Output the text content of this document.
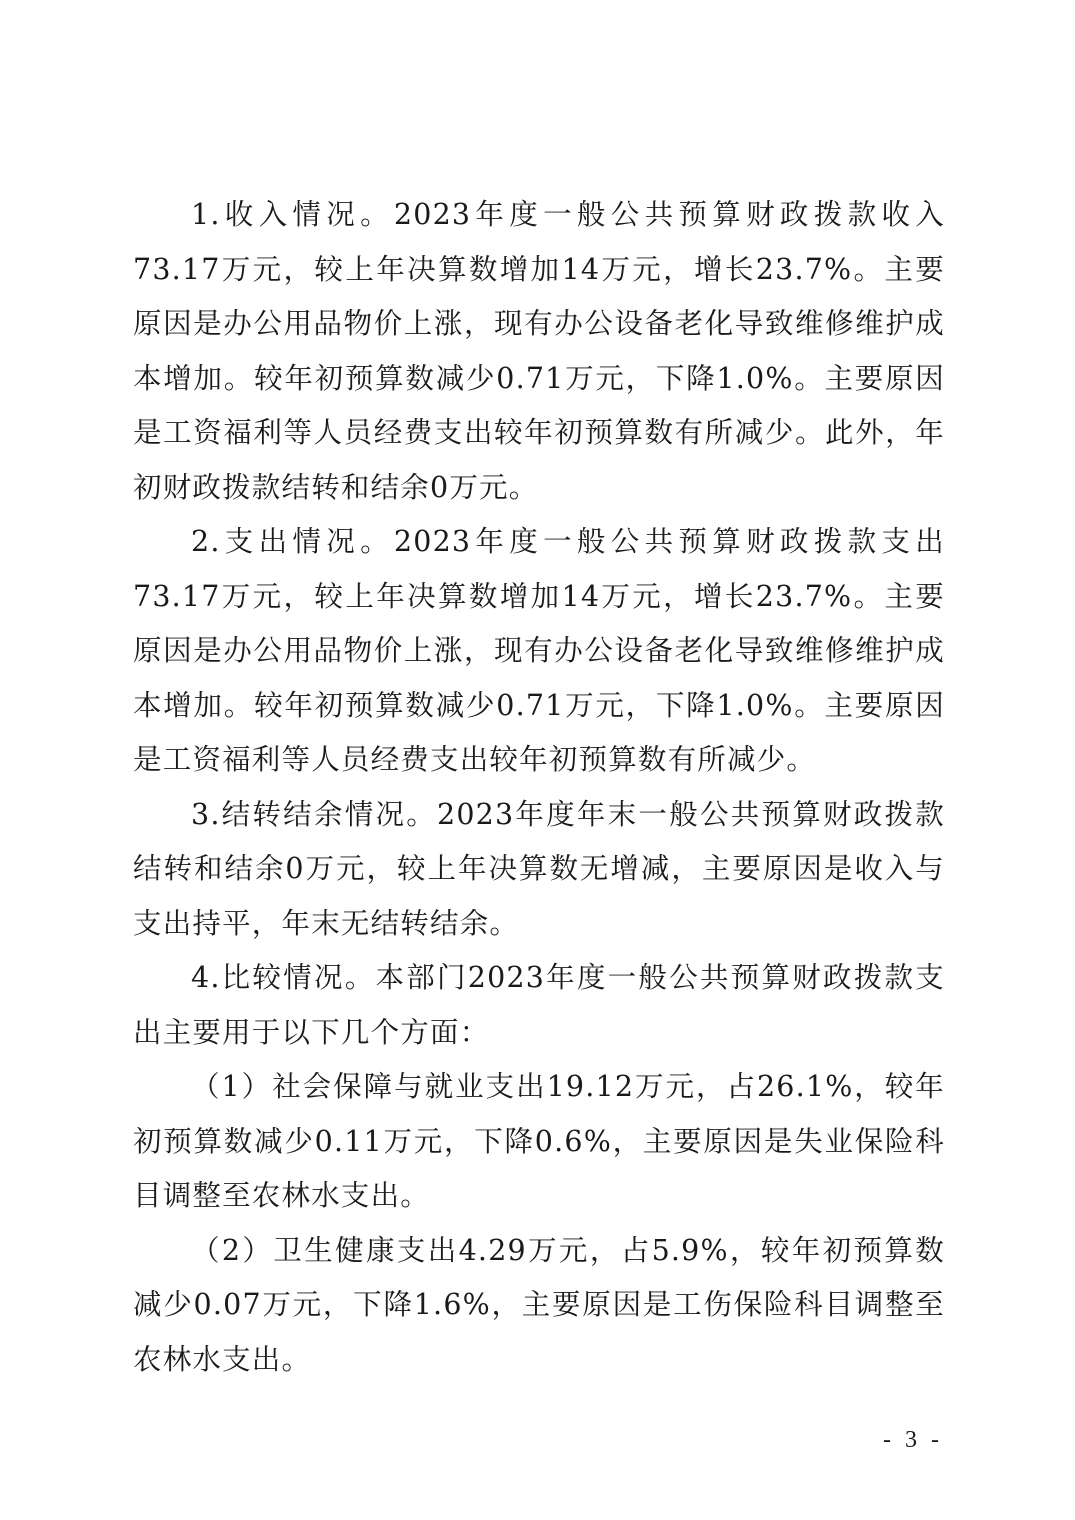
1.收入情况。2023年度一般公共预算财政拨款收入73.17万元，较上年决算数增加14万元，增长23.7%。主要原因是办公用品物价上涨，现有办公设备老化导致维修维护成本增加。较年初预算数减少0.71万元，下降1.0%。主要原因是工资福利等人员经费支出较年初预算数有所减少。此外，年初财政拨款结转和结余0万元。

2.支出情况。2023年度一般公共预算财政拨款支出73.17万元，较上年决算数增加14万元，增长23.7%。主要原因是办公用品物价上涨，现有办公设备老化导致维修维护成本增加。较年初预算数减少0.71万元，下降1.0%。主要原因是工资福利等人员经费支出较年初预算数有所减少。

3.结转结余情况。2023年度年末一般公共预算财政拨款结转和结余0万元，较上年决算数无增减，主要原因是收入与支出持平，年末无结转结余。

4.比较情况。本部门2023年度一般公共预算财政拨款支出主要用于以下几个方面：

（1）社会保障与就业支出19.12万元，占26.1%，较年初预算数减少0.11万元，下降0.6%，主要原因是失业保险科目调整至农林水支出。

（2）卫生健康支出4.29万元，占5.9%，较年初预算数减少0.07万元，下降1.6%，主要原因是工伤保险科目调整至农林水支出。

- 3 -
